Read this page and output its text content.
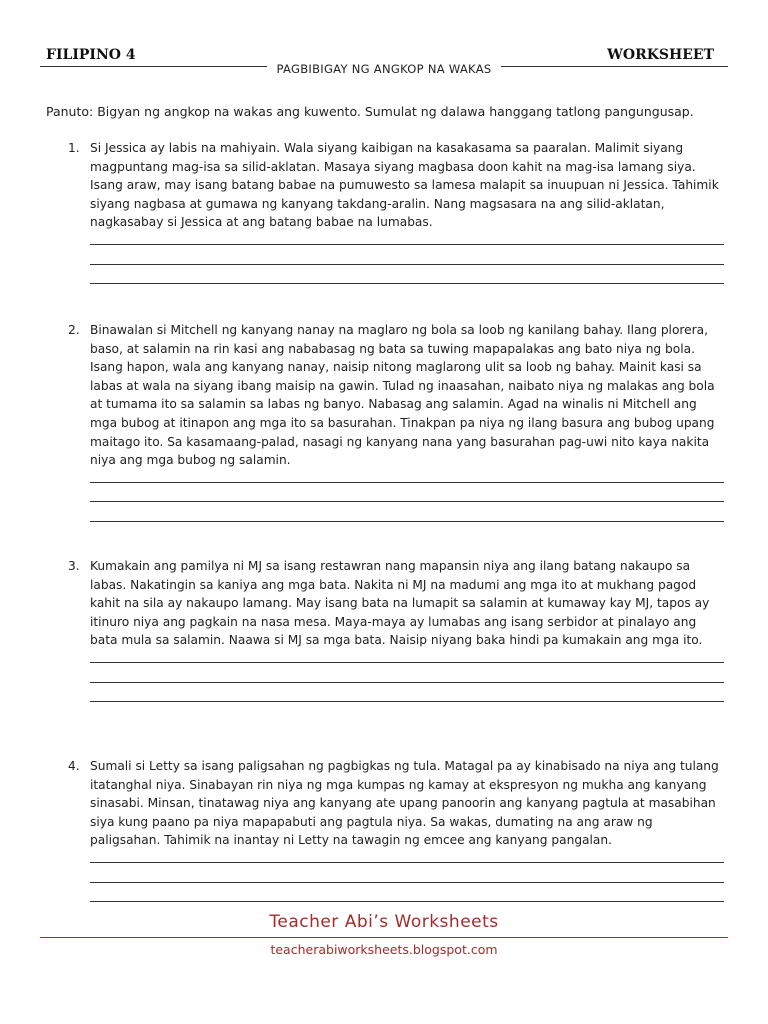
FILIPINO 4	WORKSHEET
PAGBIBIGAY NG ANGKOP NA WAKAS
Panuto: Bigyan ng angkop na wakas ang kuwento. Sumulat ng dalawa hanggang tatlong pangungusap.
1. Si Jessica ay labis na mahiyain. Wala siyang kaibigan na kasakasama sa paaralan. Malimit siyang magpuntang mag-isa sa silid-aklatan. Masaya siyang magbasa doon kahit na mag-isa lamang siya. Isang araw, may isang batang babae na pumuwesto sa lamesa malapit sa inuupuan ni Jessica. Tahimik siyang nagbasa at gumawa ng kanyang takdang-aralin. Nang magsasara na ang silid-aklatan, nagkasabay si Jessica at ang batang babae na lumabas.
2. Binawalan si Mitchell ng kanyang nanay na maglaro ng bola sa loob ng kanilang bahay. Ilang plorera, baso, at salamin na rin kasi ang nababasag ng bata sa tuwing mapapalakas ang bato niya ng bola. Isang hapon, wala ang kanyang nanay, naisip nitong maglarong ulit sa loob ng bahay. Mainit kasi sa labas at wala na siyang ibang maisip na gawin. Tulad ng inaasahan, naibato niya ng malakas ang bola at tumama ito sa salamin sa labas ng banyo. Nabasag ang salamin. Agad na winalis ni Mitchell ang mga bubog at itinapon ang mga ito sa basurahan. Tinakpan pa niya ng ilang basura ang bubog upang maitago ito. Sa kasamaang-palad, nasagi ng kanyang nana yang basurahan pag-uwi nito kaya nakita niya ang mga bubog ng salamin.
3. Kumakain ang pamilya ni MJ sa isang restawran nang mapansin niya ang ilang batang nakaupo sa labas. Nakatingin sa kaniya ang mga bata. Nakita ni MJ na madumi ang mga ito at mukhang pagod kahit na sila ay nakaupo lamang. May isang bata na lumapit sa salamin at kumaway kay MJ, tapos ay itinuro niya ang pagkain na nasa mesa. Maya-maya ay lumabas ang isang serbidor at pinalayo ang bata mula sa salamin. Naawa si MJ sa mga bata. Naisip niyang baka hindi pa kumakain ang mga ito.
4. Sumali si Letty sa isang paligsahan ng pagbigkas ng tula. Matagal pa ay kinabisado na niya ang tulang itatanghal niya. Sinabayan rin niya ng mga kumpas ng kamay at ekspresyon ng mukha ang kanyang sinasabi. Minsan, tinatawag niya ang kanyang ate upang panoorin ang kanyang pagtula at masabihan siya kung paano pa niya mapapabuti ang pagtula niya. Sa wakas, dumating na ang araw ng paligsahan. Tahimik na inantay ni Letty na tawagin ng emcee ang kanyang pangalan.
Teacher Abi’s Worksheets
teacherabiworksheets.blogspot.com
